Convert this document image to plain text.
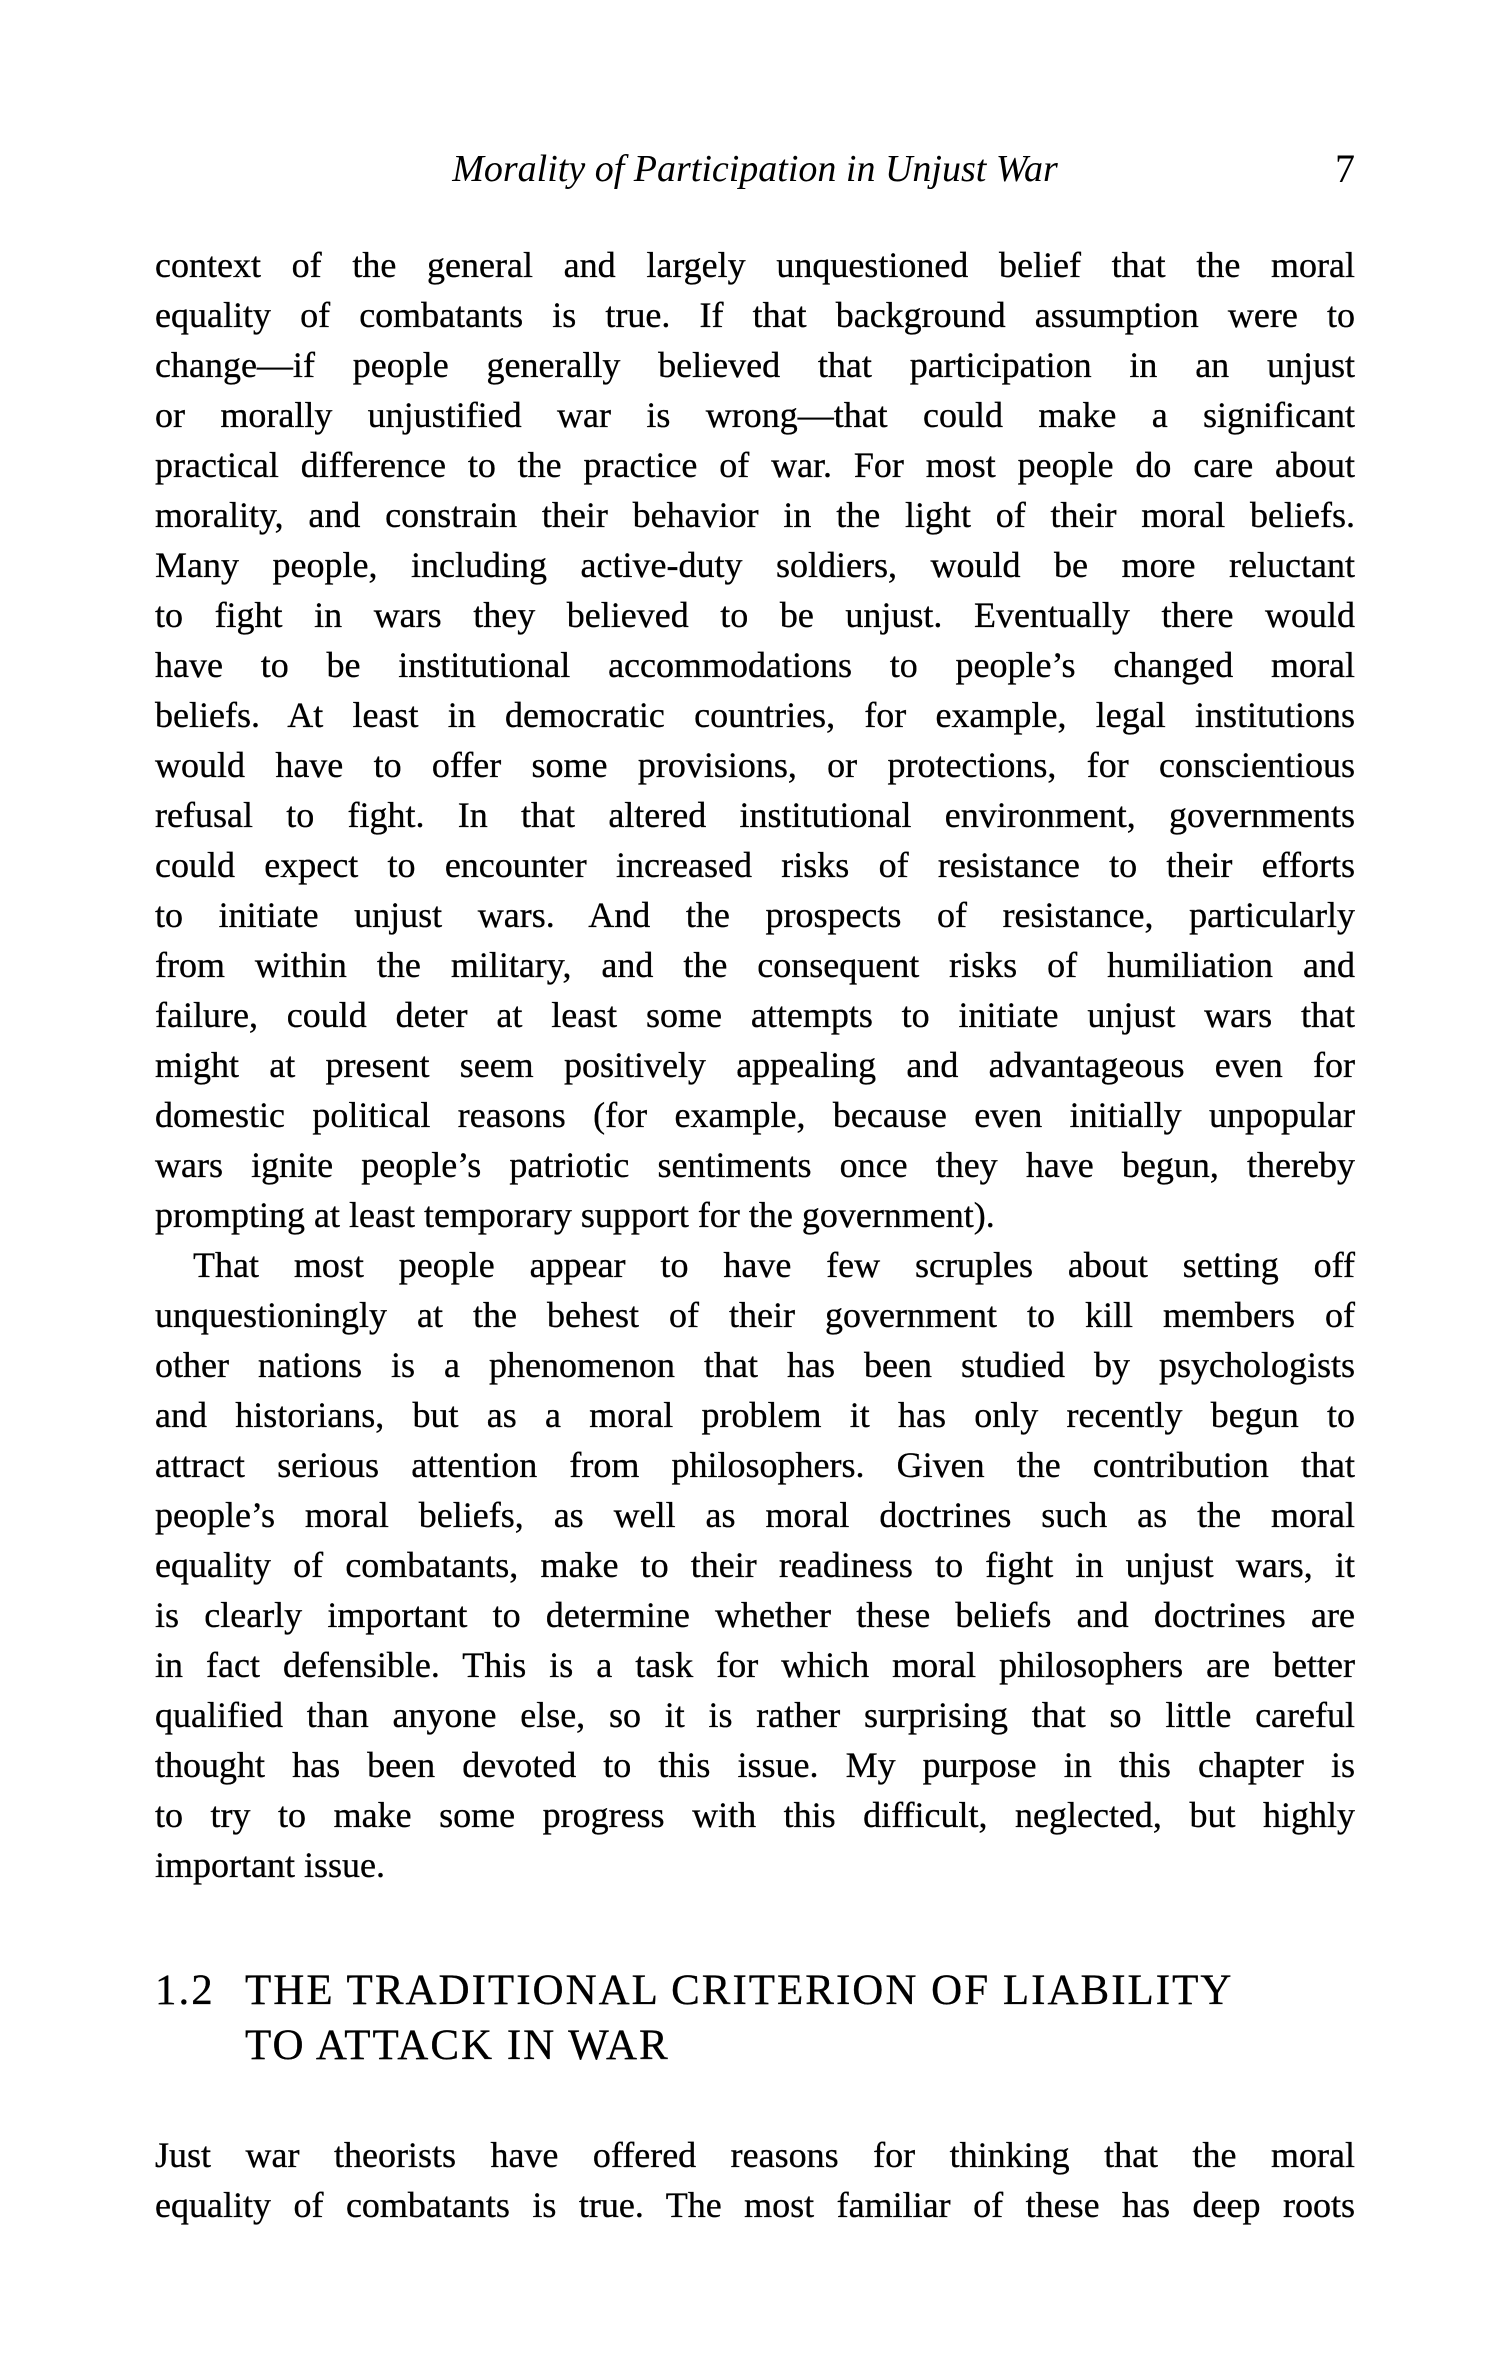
Morality of Participation in Unjust War	7
context of the general and largely unquestioned belief that the moral
equality of combatants is true. If that background assumption were to
change—if people generally believed that participation in an unjust
or morally unjustified war is wrong—that could make a significant
practical difference to the practice of war. For most people do care about
morality, and constrain their behavior in the light of their moral beliefs.
Many people, including active-duty soldiers, would be more reluctant
to fight in wars they believed to be unjust. Eventually there would
have to be institutional accommodations to people’s changed moral
beliefs. At least in democratic countries, for example, legal institutions
would have to offer some provisions, or protections, for conscientious
refusal to fight. In that altered institutional environment, governments
could expect to encounter increased risks of resistance to their efforts
to initiate unjust wars. And the prospects of resistance, particularly
from within the military, and the consequent risks of humiliation and
failure, could deter at least some attempts to initiate unjust wars that
might at present seem positively appealing and advantageous even for
domestic political reasons (for example, because even initially unpopular
wars ignite people’s patriotic sentiments once they have begun, thereby
prompting at least temporary support for the government).
That most people appear to have few scruples about setting off
unquestioningly at the behest of their government to kill members of
other nations is a phenomenon that has been studied by psychologists
and historians, but as a moral problem it has only recently begun to
attract serious attention from philosophers. Given the contribution that
people’s moral beliefs, as well as moral doctrines such as the moral
equality of combatants, make to their readiness to fight in unjust wars, it
is clearly important to determine whether these beliefs and doctrines are
in fact defensible. This is a task for which moral philosophers are better
qualified than anyone else, so it is rather surprising that so little careful
thought has been devoted to this issue. My purpose in this chapter is
to try to make some progress with this difficult, neglected, but highly
important issue.
1.2 THE TRADITIONAL CRITERION OF LIABILITY
TO ATTACK IN WAR
Just war theorists have offered reasons for thinking that the moral
equality of combatants is true. The most familiar of these has deep roots
